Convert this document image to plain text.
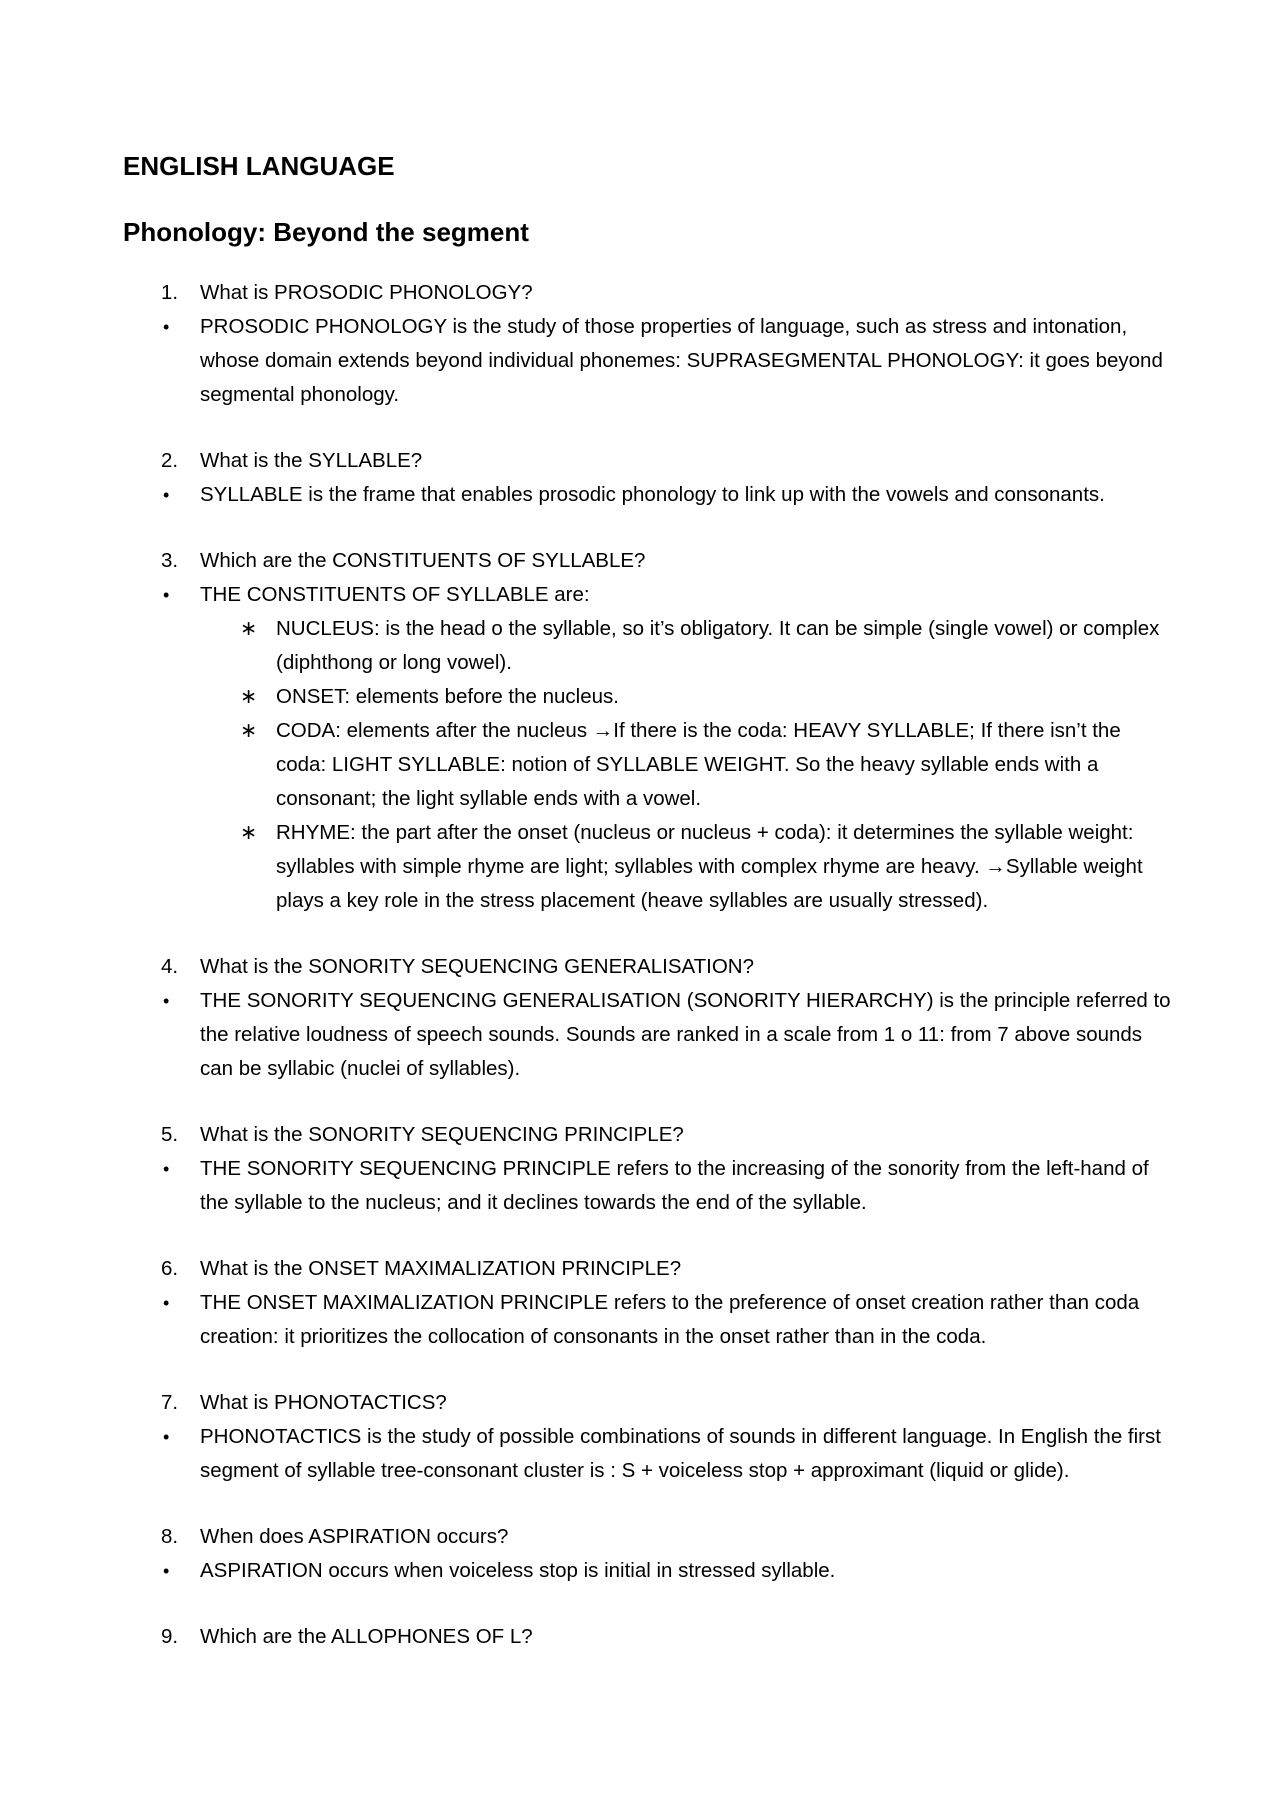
ENGLISH LANGUAGE
Phonology: Beyond the segment
1.	What is PROSODIC PHONOLOGY?
•	PROSODIC PHONOLOGY is the study of those properties of language, such as stress and intonation, whose domain extends beyond individual phonemes: SUPRASEGMENTAL PHONOLOGY: it goes beyond segmental phonology.
2.	What is the SYLLABLE?
•	SYLLABLE is the frame that enables prosodic phonology to link up with the vowels and consonants.
3.	Which are the CONSTITUENTS OF SYLLABLE?
•	THE CONSTITUENTS OF SYLLABLE are:
∗ NUCLEUS: is the head o the syllable, so it’s obligatory. It can be simple (single vowel) or complex (diphthong or long vowel).
∗ ONSET: elements before the nucleus.
∗ CODA: elements after the nucleus →If there is the coda: HEAVY SYLLABLE; If there isn’t the coda: LIGHT SYLLABLE: notion of SYLLABLE WEIGHT. So the heavy syllable ends with a consonant; the light syllable ends with a vowel.
∗ RHYME: the part after the onset (nucleus or nucleus + coda): it determines the syllable weight: syllables with simple rhyme are light; syllables with complex rhyme are heavy. →Syllable weight plays a key role in the stress placement (heave syllables are usually stressed).
4.	What is the SONORITY SEQUENCING GENERALISATION?
•	THE SONORITY SEQUENCING GENERALISATION (SONORITY HIERARCHY) is the principle referred to the relative loudness of speech sounds. Sounds are ranked in a scale from 1 o 11: from 7 above sounds can be syllabic (nuclei of syllables).
5.	What is the SONORITY SEQUENCING PRINCIPLE?
•	THE SONORITY SEQUENCING PRINCIPLE refers to the increasing of the sonority from the left-hand of the syllable to the nucleus; and it declines towards the end of the syllable.
6.	What is the ONSET MAXIMALIZATION PRINCIPLE?
•	THE ONSET MAXIMALIZATION PRINCIPLE refers to the preference of onset creation rather than coda creation: it prioritizes the collocation of consonants in the onset rather than in the coda.
7.	What is PHONOTACTICS?
•	PHONOTACTICS is the study of possible combinations of sounds in different language. In English the first segment of syllable tree-consonant cluster is : S + voiceless stop + approximant (liquid or glide).
8.	When does ASPIRATION occurs?
•	ASPIRATION occurs when voiceless stop is initial in stressed syllable.
9.	Which are the ALLOPHONES OF L?
